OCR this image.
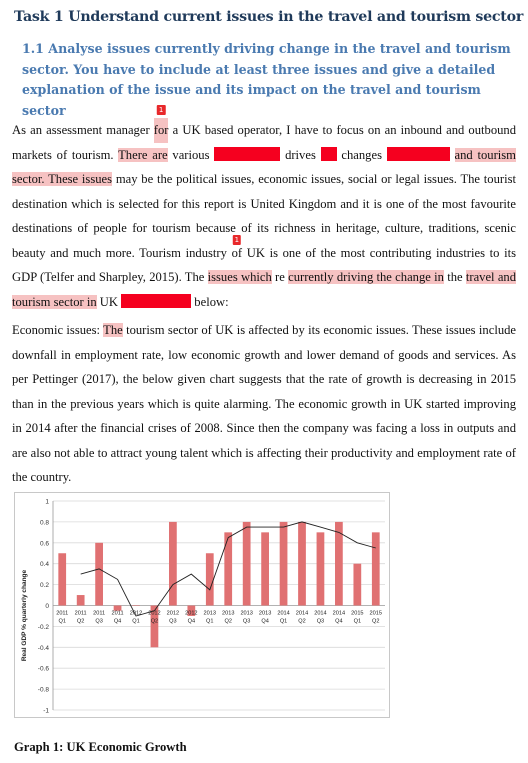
Task 1 Understand current issues in the travel and tourism sector
1.1 Analyse issues currently driving change in the travel and tourism sector. You have to include at least three issues and give a detailed explanation of the issue and its impact on the travel and tourism sector
As an assessment manager for
1
a UK based operator, I have to focus on an inbound and outbound markets of tourism. There are various	drives  changes	and tourism sector. These issues may be the political issues, economic issues, social or legal issues. The tourist destination which is selected for this report is United Kingdom and it is one of the most favourite destinations of people for tourism because of its richness in heritage, culture, traditions, scenic beauty and much more. Tourism industry of
1
UK is one of the most contributing industries to its GDP (Telfer and Sharpley, 2015). The issues which re currently driving the change in the travel and tourism sector in UK	below:
Economic issues: The tourism sector of UK is affected by its economic issues. These issues include downfall in employment rate, low economic growth and lower demand of goods and services. As per Pettinger (2017), the below given chart suggests that the rate of growth is decreasing in 2015 than in the previous years which is quite alarming. The economic growth in UK started improving in 2014 after the financial crises of 2008. Since then the company was facing a loss in outputs and are also not able to attract young talent which is affecting their productivity and employment rate of the country.
1
0.8
0.6
0.4
0.2
0
-0.2
-0.4
-0.6
-0.8
-1
2011
Q1
2011
Q2
2011
Q3
2011
Q4
2012
Q1
2012
Q2
2012
Q3
2012
Q4
2013
Q1
2013
Q2
2013
Q3
2013
Q4
2014
Q1
2014
Q2
2014
Q3
2014
Q4
2015
Q1
2015
Q2
Real GDP % quarterly change
Graph 1: UK Economic Growth
